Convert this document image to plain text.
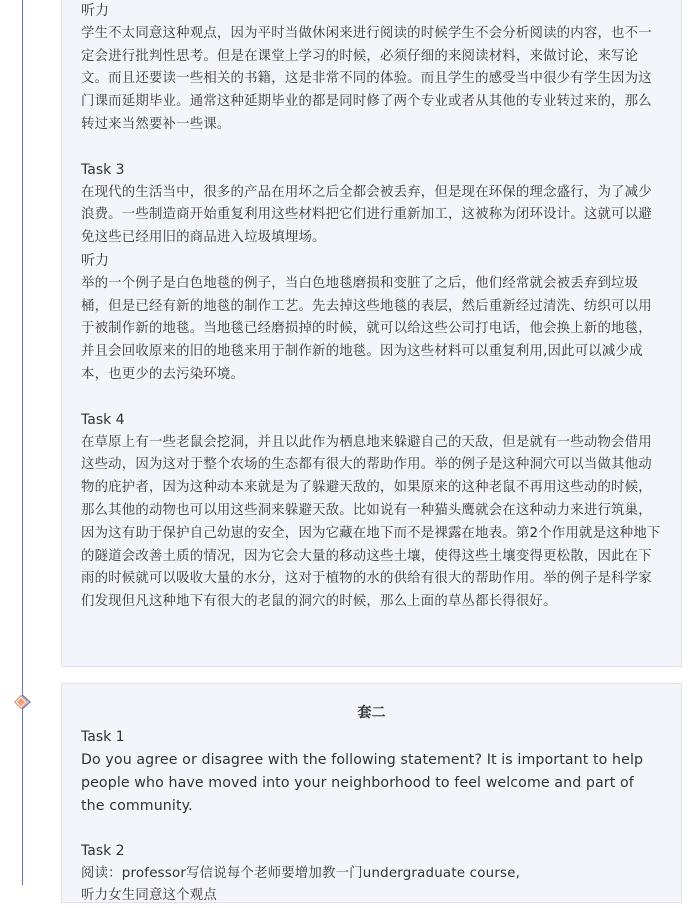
听力

学生不太同意这种观点，因为平时当做休闲来进行阅读的时候学生不会分析阅读的内容，也不一定会进行批判性思考。但是在课堂上学习的时候，必须仔细的来阅读材料，来做讨论，来写论文。而且还要读一些相关的书籍，这是非常不同的体验。而且学生的感受当中很少有学生因为这门课而延期毕业。通常这种延期毕业的都是同时修了两个专业或者从其他的专业转过来的，那么转过来当然要补一些课。

Task 3

在现代的生活当中，很多的产品在用坏之后全都会被丢弃，但是现在环保的理念盛行，为了减少浪费。一些制造商开始重复利用这些材料把它们进行重新加工，这被称为闭环设计。这就可以避免这些已经用旧的商品进入垃圾填埋场。

听力

举的一个例子是白色地毯的例子，当白色地毯磨损和变脏了之后，他们经常就会被丢弃到垃圾桶，但是已经有新的地毯的制作工艺。先去掉这些地毯的表层，然后重新经过清洗、纺织可以用于被制作新的地毯。当地毯已经磨损掉的时候，就可以给这些公司打电话，他会换上新的地毯，并且会回收原来的旧的地毯来用于制作新的地毯。因为这些材料可以重复利用,因此可以减少成本，也更少的去污染环境。

Task 4

在草原上有一些老鼠会挖洞，并且以此作为栖息地来躲避自己的天敌，但是就有一些动物会借用这些动，因为这对于整个农场的生态都有很大的帮助作用。举的例子是这种洞穴可以当做其他动物的庇护者，因为这种动本来就是为了躲避天敌的，如果原来的这种老鼠不再用这些动的时候，那么其他的动物也可以用这些洞来躲避天敌。比如说有一种猫头鹰就会在这种动力来进行筑巢，因为这有助于保护自己幼崽的安全，因为它藏在地下而不是裸露在地表。第2个作用就是这种地下的隧道会改善土质的情况，因为它会大量的移动这些土壤，使得这些土壤变得更松散，因此在下雨的时候就可以吸收大量的水分，这对于植物的水的供给有很大的帮助作用。举的例子是科学家们发现但凡这种地下有很大的老鼠的洞穴的时候，那么上面的草丛都长得很好。

套二

Task 1

Do you agree or disagree with the following statement? It is important to help people who have moved into your neighborhood to feel welcome and part of the community.

Task 2

阅读：professor写信说每个老师要增加教一门undergraduate course,

听力女生同意这个观点
